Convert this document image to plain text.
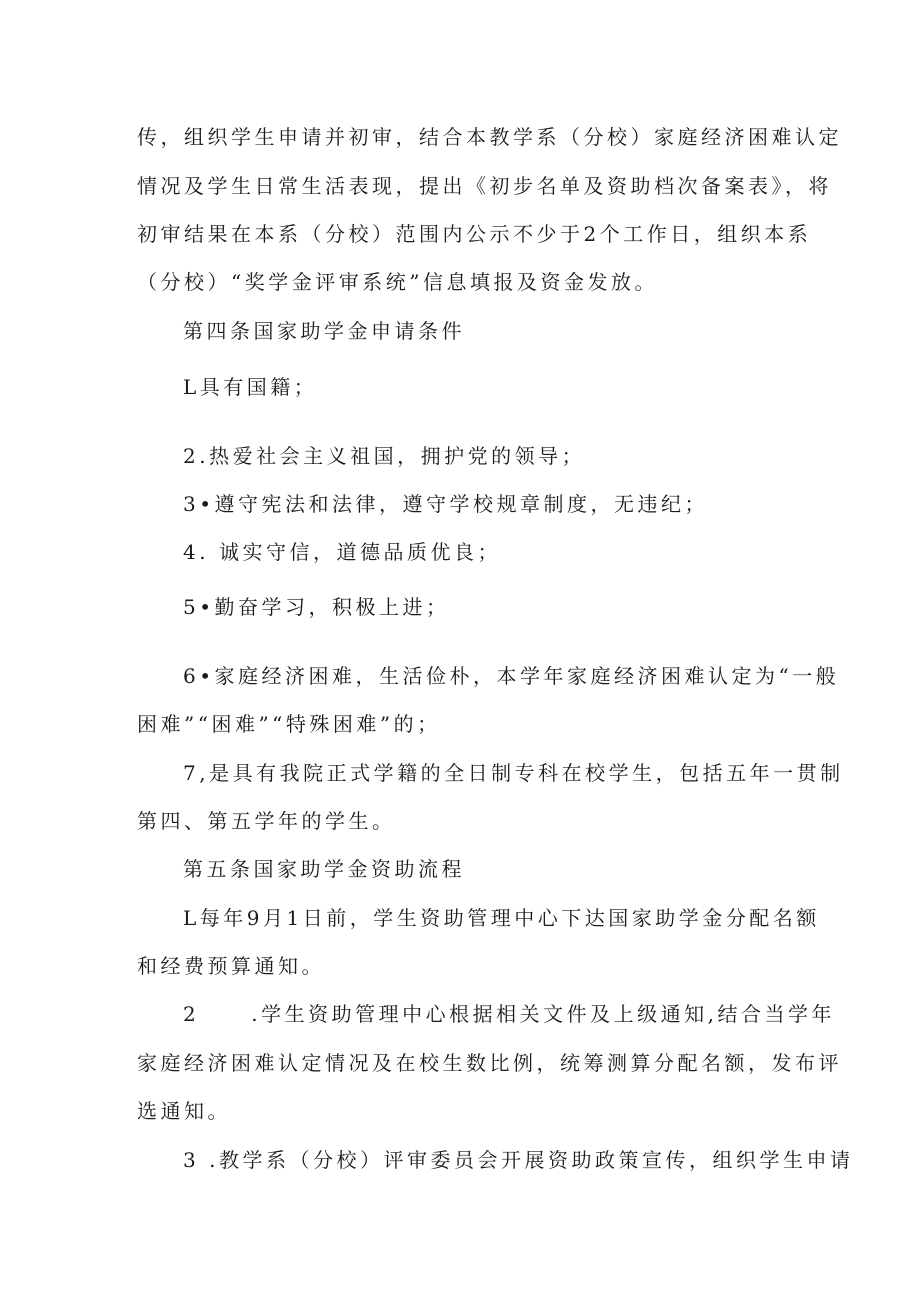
传，组织学生申请并初审，结合本教学系（分校）家庭经济困难认定
情况及学生日常生活表现，提出《初步名单及资助档次备案表》，将
初审结果在本系（分校）范围内公示不少于2个工作日，组织本系
（分校）“奖学金评审系统”信息填报及资金发放。
第四条国家助学金申请条件
L具有国籍；
2.热爱社会主义祖国，拥护党的领导；
3•遵守宪法和法律，遵守学校规章制度，无违纪；
4. 诚实守信，道德品质优良；
5•勤奋学习，积极上进；
6•家庭经济困难，生活俭朴，本学年家庭经济困难认定为“一般
困难”“困难”“特殊困难”的；
7,是具有我院正式学籍的全日制专科在校学生，包括五年一贯制
第四、第五学年的学生。
第五条国家助学金资助流程
L每年9月1日前，学生资助管理中心下达国家助学金分配名额
和经费预算通知。
2	.学生资助管理中心根据相关文件及上级通知,结合当学年
家庭经济困难认定情况及在校生数比例，统筹测算分配名额，发布评
选通知。
3 .教学系（分校）评审委员会开展资助政策宣传，组织学生申请
